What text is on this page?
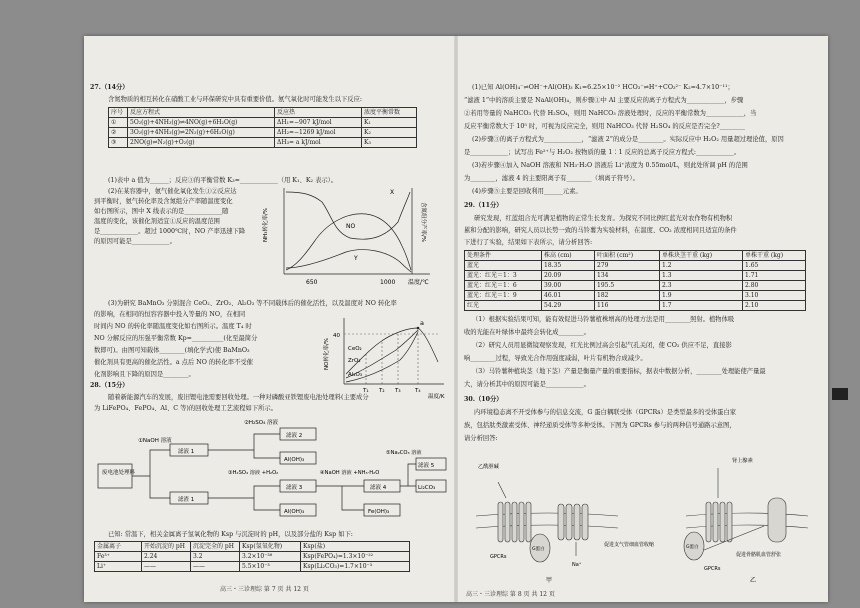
27.（14分）
含氮物质的相互转化在硝酸工业与环保研究中具有重要价值。氨气氧化时可能发生以下反应:
序号	反应方程式	反应热	浓度平衡常数
①	5O₂(g)+4NH₃(g)⇌4NO(g)+6H₂O(g)	ΔH₁=−907 kJ/mol	K₁
②	3O₂(g)+4NH₃(g)⇌2N₂(g)+6H₂O(g)	ΔH₂=−1269 kJ/mol	K₂
③	2NO(g)⇌N₂(g)+O₂(g)	ΔH₃= a kJ/mol	K₃
(1)表中 a 值为______；反应③的平衡常数 K₃=____________（用 K₁、K₂ 表示）。
(2)在某容器中，氨气催化氧化发生①②反应达
到平衡时，氨气转化率及含氮组分产率随温度变化
如右图所示，图中 X 线表示的是____________随
温度的变化，该催化剂适宜①反应的温度范围
是____________。超过 1000℃时，NO 产率迅速下降
的原因可能是____________。	NH₃转化率/%	含氮组分产率/%
X
NO
Y
650	1000 温度/℃
(3)为研究 BaMnO₃ 分别混合 CeO₂、ZrO₂、Al₂O₃ 等不同载体后的催化活性，以及温度对 NO 转化率
的影响，在相同的恒容容器中投入等量的 NO，在相同
时间内 NO 的转化率随温度变化如右图所示。温度 T₄ 时
NO 分解反应的压强平衡常数 Kp=__________(化至最简分
数即可)。由图可知载体________(填化学式)使 BaMnO₃
催化剂具有更高的催化活性。a 点后 NO 的转化率不受催
化剂影响且下降的原因是________。
a
NO转化率/%
40
CeO₂
ZrO₂
Al₂O₃
T₁ T₂ T₃	T₄
温度/K
28.（15分）
随着新能源汽车的发展，废旧锂电池需要回收处理。一种对磷酸亚铁锂废电池处理料(主要成分
为 LiFePO₄、FePO₄、Al、C 等)的回收处理工艺流程如下所示。
废电池处理料
①NaOH 溶液
②H₂SO₄ 溶液
③H₂SO₄ 溶液 +H₂O₂	④NaOH 溶液 +NH₃·H₂O
⑤Na₂CO₃ 溶液
滤液 1
滤液 2
Al(OH)₃
滤渣 1
滤液 3
Al(OH)₃
滤液 4
滤液 5
Fe(OH)₃
Li₂CO₃
已知: 常温下，相关金属离子氢氧化物的 Ksp 与沉淀时的 pH，以及部分盐的 Ksp 如下:
金属离子	开始沉淀的 pH	沉淀完全的 pH	Ksp(氢氧化物)	Ksp(盐)
Fe³⁺	2.24	3.2	3.2×10⁻³⁸	Ksp(FePO₄)=1.3×10⁻²²
Li⁺	——	——	5.5×10⁻³	Ksp(Li₂CO₃)=1.7×10⁻³
高三・三诊理综 第 7 页 共 12 页
(1)已知 Al(OH)₄⁻⇌OH⁻+Al(OH)₃ K₁=6.25×10⁻² HCO₃⁻⇌H⁺+CO₃²⁻ K₂=4.7×10⁻¹¹；
“滤液 1”中的溶质主要是 NaAl(OH)₄，则步骤①中 Al 主要反应的离子方程式为____________，步骤
②若用等量的 NaHCO₃ 代替 H₂SO₄，则用 NaHCO₃ 溶液处理时，反应的平衡常数为____________，当
反应平衡常数大于 10⁵ 时，可视为反应完全，则用 NaHCO₃ 代替 H₂SO₄ 的反应是否完全?________
(2)步骤③的离子方程式为____________，“滤液 2”的成分是________。实际反应中 H₂O₂ 用量超过理论值，原因
是____________；试写出 Fe²⁺与 H₂O₂ 按物质的量 1∶1 反应的总离子反应方程式:____________。
(3)若步骤④加入 NaOH 溶液和 NH₃·H₂O 溶液后 Li⁺浓度为 0.55mol/L，则此处所调 pH 的范围
为________，滤液 4 的主要阳离子有________（填离子符号）。
(4)步骤⑤主要是回收利用______元素。
29.（11分）
研究发现，红蓝组合光可满足植物的正常生长发育。为探究不同比例红蓝光对农作物有机物积
累和分配的影响，研究人员以长势一致的马铃薯为实验材料，在温度、CO₂ 浓度相同且适宜的条件
下进行了实验，结果如下表所示，请分析回答:
处理条件	株高 (cm)	叶面积 (cm²)	单株块茎干重 (kg)	单株干重 (kg)
蓝光	18.35	279	1.2	1.65
蓝光：红光＝1：3	20.09	134	1.3	1.71
蓝光：红光＝1：6	39.00	195.5	2.3	2.80
蓝光：红光＝1：9	46.01	182	1.9	3.10
红光	54.29	116	1.7	2.10
（1）根据实验结果可知，能有效促进马铃薯植株增高的处理方法是用________照射。植物体吸
收的光能在叶绿体中最终会转化成________。
（2）研究人员用显微镜观察发现，红光比例过高会引起气孔关闭，使 CO₂ 供应不足，直接影
响________过程，导致光合作用强度减弱，叶片有机物合成减少。
（3）马铃薯种植块茎（地下茎）产量是衡量产量的重要指标，据表中数据分析，________处理能使产量最
大，请分析其中的原因可能是____________。
30.（10分）
内环境稳态离不开受体参与的信息交流，G 蛋白耦联受体（GPCRs）是类型最多的受体蛋白家
族，包括肽类激素受体、神经递质受体等多种受体。下图为 GPCRs 参与的两种信号通路示意图，
请分析回答:
乙酰胆碱
GPCRs
Na⁺
促进支气管细血管收缩
肾上腺素
GPCRs
促进骨骼肌血管舒张
G蛋白	G蛋白
甲	乙
高三・三诊理综 第 8 页 共 12 页
